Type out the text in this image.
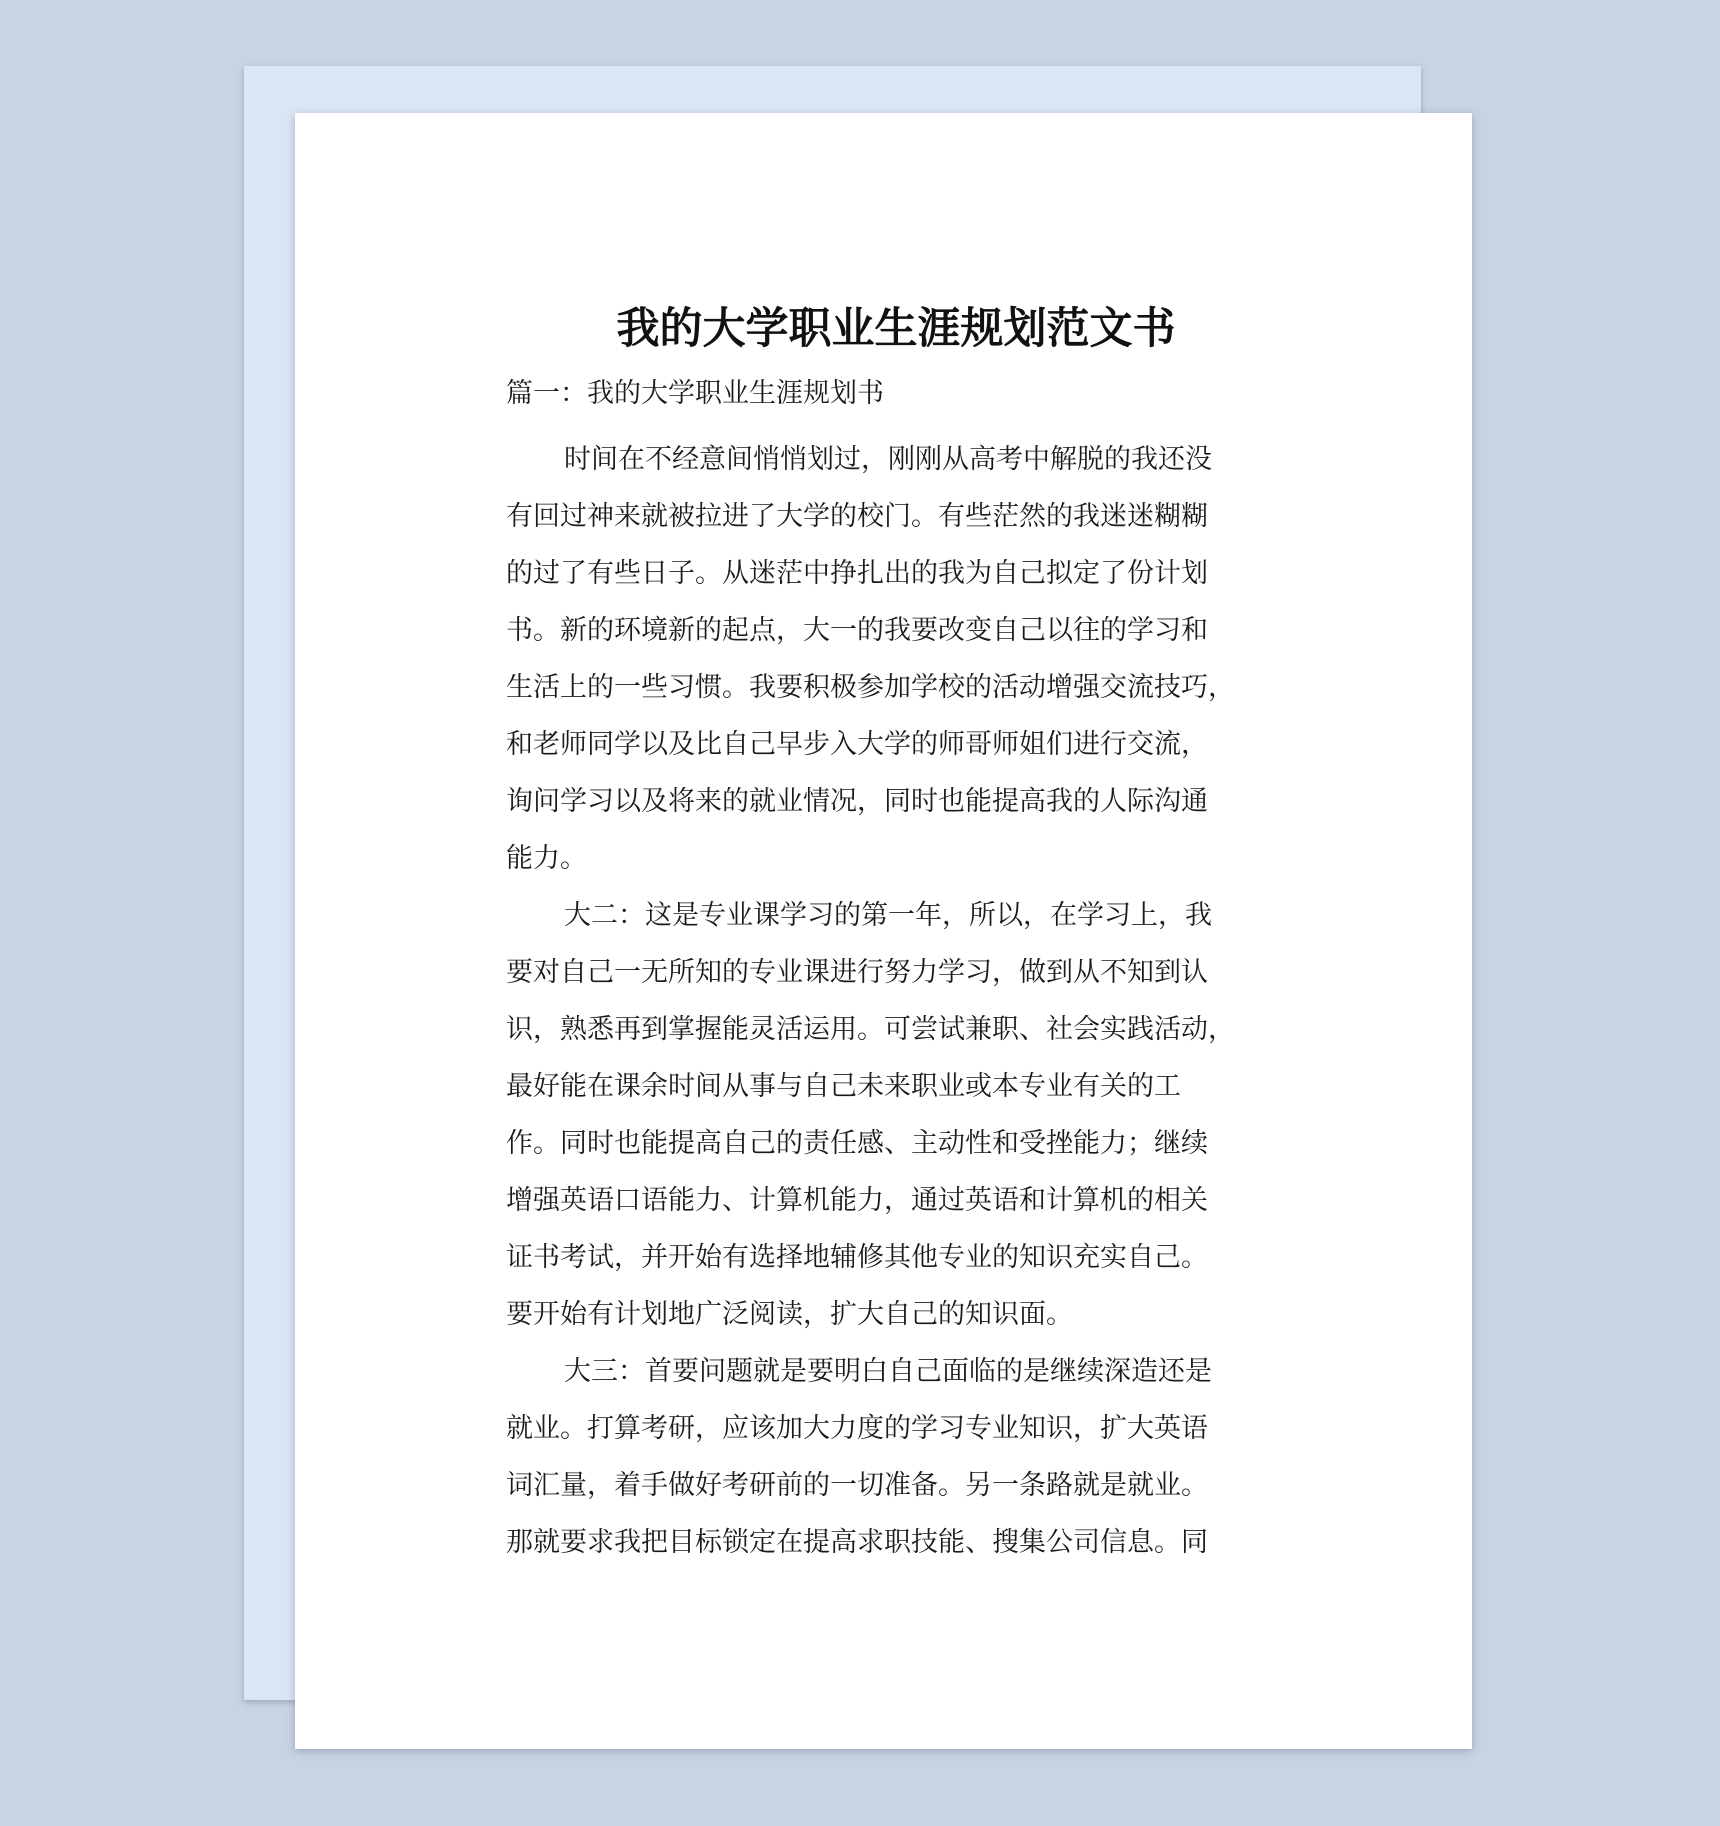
我的大学职业生涯规划范文书

篇一：我的大学职业生涯规划书

时间在不经意间悄悄划过，刚刚从高考中解脱的我还没
有回过神来就被拉进了大学的校门。有些茫然的我迷迷糊糊
的过了有些日子。从迷茫中挣扎出的我为自己拟定了份计划
书。新的环境新的起点，大一的我要改变自己以往的学习和
生活上的一些习惯。我要积极参加学校的活动增强交流技巧，
和老师同学以及比自己早步入大学的师哥师姐们进行交流，
询问学习以及将来的就业情况，同时也能提高我的人际沟通
能力。
大二：这是专业课学习的第一年，所以，在学习上，我
要对自己一无所知的专业课进行努力学习，做到从不知到认
识，熟悉再到掌握能灵活运用。可尝试兼职、社会实践活动，
最好能在课余时间从事与自己未来职业或本专业有关的工
作。同时也能提高自己的责任感、主动性和受挫能力；继续
增强英语口语能力、计算机能力，通过英语和计算机的相关
证书考试，并开始有选择地辅修其他专业的知识充实自己。
要开始有计划地广泛阅读，扩大自己的知识面。
大三：首要问题就是要明白自己面临的是继续深造还是
就业。打算考研，应该加大力度的学习专业知识，扩大英语
词汇量，着手做好考研前的一切准备。另一条路就是就业。
那就要求我把目标锁定在提高求职技能、搜集公司信息。同
